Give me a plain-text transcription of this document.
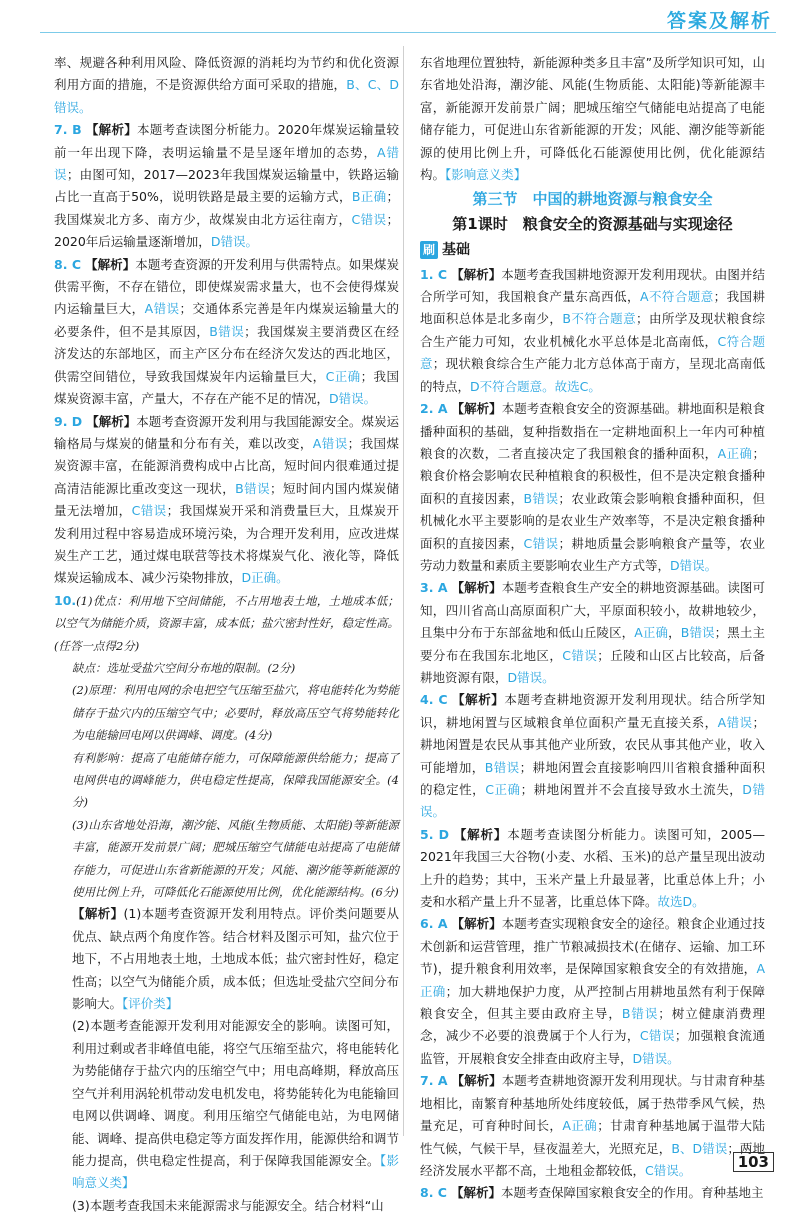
答案及解析

率、规避各种利用风险、降低资源的消耗均为节约和优化资源利用方面的措施，不是资源供给方面可采取的措施，B、C、D错误。

7. B 【解析】本题考查读图分析能力。2020年煤炭运输量较前一年出现下降，表明运输量不是呈逐年增加的态势，A错误；由图可知，2017—2023年我国煤炭运输量中，铁路运输占比一直高于50%，说明铁路是最主要的运输方式，B正确；我国煤炭北方多、南方少，故煤炭由北方运往南方，C错误；2020年后运输量逐渐增加，D错误。

8. C 【解析】本题考查资源的开发利用与供需特点。如果煤炭供需平衡，不存在错位，即使煤炭需求量大，也不会使得煤炭内运输量巨大，A错误；交通体系完善是年内煤炭运输量大的必要条件，但不是其原因，B错误；我国煤炭主要消费区在经济发达的东部地区，而主产区分布在经济欠发达的西北地区，供需空间错位，导致我国煤炭年内运输量巨大，C正确；我国煤炭资源丰富，产量大，不存在产能不足的情况，D错误。

9. D 【解析】本题考查资源开发利用与我国能源安全。煤炭运输格局与煤炭的储量和分布有关，难以改变，A错误；我国煤炭资源丰富，在能源消费构成中占比高，短时间内很难通过提高清洁能源比重改变这一现状，B错误；短时间内国内煤炭储量无法增加，C错误；我国煤炭开采和消费量巨大，且煤炭开发利用过程中容易造成环境污染，为合理开发利用，应改进煤炭生产工艺，通过煤电联营等技术将煤炭气化、液化等，降低煤炭运输成本、减少污染物排放，D正确。

10.(1)优点：利用地下空间储能，不占用地表土地，土地成本低；以空气为储能介质，资源丰富，成本低；盐穴密封性好，稳定性高。(任答一点得2分)

缺点：选址受盐穴空间分布地的限制。(2分)

(2)原理：利用电网的余电把空气压缩至盐穴，将电能转化为势能储存于盐穴内的压缩空气中；必要时，释放高压空气将势能转化为电能输回电网以供调峰、调度。(4分)

有利影响：提高了电能储存能力，可保障能源供给能力；提高了电网供电的调峰能力，供电稳定性提高，保障我国能源安全。(4分)

(3)山东省地处沿海，潮汐能、风能(生物质能、太阳能)等新能源丰富，能源开发前景广阔；肥城压缩空气储能电站提高了电能储存能力，可促进山东省新能源的开发；风能、潮汐能等新能源的使用比例上升，可降低化石能源使用比例，优化能源结构。(6分)

【解析】(1)本题考查资源开发利用特点。评价类问题要从优点、缺点两个角度作答。结合材料及图示可知，盐穴位于地下，不占用地表土地，土地成本低；盐穴密封性好，稳定性高；以空气为储能介质，成本低；但选址受盐穴空间分布影响大。【评价类】

(2)本题考查能源开发利用对能源安全的影响。读图可知，利用过剩或者非峰值电能，将空气压缩至盐穴，将电能转化为势能储存于盐穴内的压缩空气中；用电高峰期，释放高压空气并利用涡轮机带动发电机发电，将势能转化为电能输回电网以供调峰、调度。利用压缩空气储能电站，为电网储能、调峰、提高供电稳定等方面发挥作用，能源供给和调节能力提高，供电稳定性提高，利于保障我国能源安全。【影响意义类】

(3)本题考查我国未来能源需求与能源安全。结合材料“山

东省地理位置独特，新能源种类多且丰富”及所学知识可知，山东省地处沿海，潮汐能、风能(生物质能、太阳能)等新能源丰富，新能源开发前景广阔；肥城压缩空气储能电站提高了电能储存能力，可促进山东省新能源的开发；风能、潮汐能等新能源的使用比例上升，可降低化石能源使用比例，优化能源结构。【影响意义类】

第三节　中国的耕地资源与粮食安全
第1课时　粮食安全的资源基础与实现途径
刷 基础

1. C 【解析】本题考查我国耕地资源开发利用现状。由图并结合所学可知，我国粮食产量东高西低，A不符合题意；我国耕地面积总体是北多南少，B不符合题意；由所学及现状粮食综合生产能力可知，农业机械化水平总体是北高南低，C符合题意；现状粮食综合生产能力北方总体高于南方，呈现北高南低的特点，D不符合题意。故选C。

2. A 【解析】本题考查粮食安全的资源基础。耕地面积是粮食播种面积的基础，复种指数指在一定耕地面积上一年内可种植粮食的次数，二者直接决定了我国粮食的播种面积，A正确；粮食价格会影响农民种植粮食的积极性，但不是决定粮食播种面积的直接因素，B错误；农业政策会影响粮食播种面积，但机械化水平主要影响的是农业生产效率等，不是决定粮食播种面积的直接因素，C错误；耕地质量会影响粮食产量等，农业劳动力数量和素质主要影响农业生产方式等，D错误。

3. A 【解析】本题考查粮食生产安全的耕地资源基础。读图可知，四川省高山高原面积广大，平原面积较小，故耕地较少，且集中分布于东部盆地和低山丘陵区，A正确，B错误；黑土主要分布在我国东北地区，C错误；丘陵和山区占比较高，后备耕地资源有限，D错误。

4. C 【解析】本题考查耕地资源开发利用现状。结合所学知识，耕地闲置与区域粮食单位面积产量无直接关系，A错误；耕地闲置是农民从事其他产业所致，农民从事其他产业，收入可能增加，B错误；耕地闲置会直接影响四川省粮食播种面积的稳定性，C正确；耕地闲置并不会直接导致水土流失，D错误。

5. D 【解析】本题考查读图分析能力。读图可知，2005—2021年我国三大谷物(小麦、水稻、玉米)的总产量呈现出波动上升的趋势；其中，玉米产量上升最显著，比重总体上升；小麦和水稻产量上升不显著，比重总体下降。故选D。

6. A 【解析】本题考查实现粮食安全的途径。粮食企业通过技术创新和运营管理，推广节粮减损技术(在储存、运输、加工环节)，提升粮食利用效率，是保障国家粮食安全的有效措施，A正确；加大耕地保护力度，从严控制占用耕地虽然有利于保障粮食安全，但其主要由政府主导，B错误；树立健康消费理念，减少不必要的浪费属于个人行为，C错误；加强粮食流通监管，开展粮食安全排查由政府主导，D错误。

7. A 【解析】本题考查耕地资源开发利用现状。与甘肃育种基地相比，南繁育种基地所处纬度较低，属于热带季风气候，热量充足，可育种时间长，A正确；甘肃育种基地属于温带大陆性气候，气候干旱，昼夜温差大，光照充足，B、D错误；两地经济发展水平都不高，土地租金都较低，C错误。

8. C 【解析】本题考查保障国家粮食安全的作用。育种基地主

103
